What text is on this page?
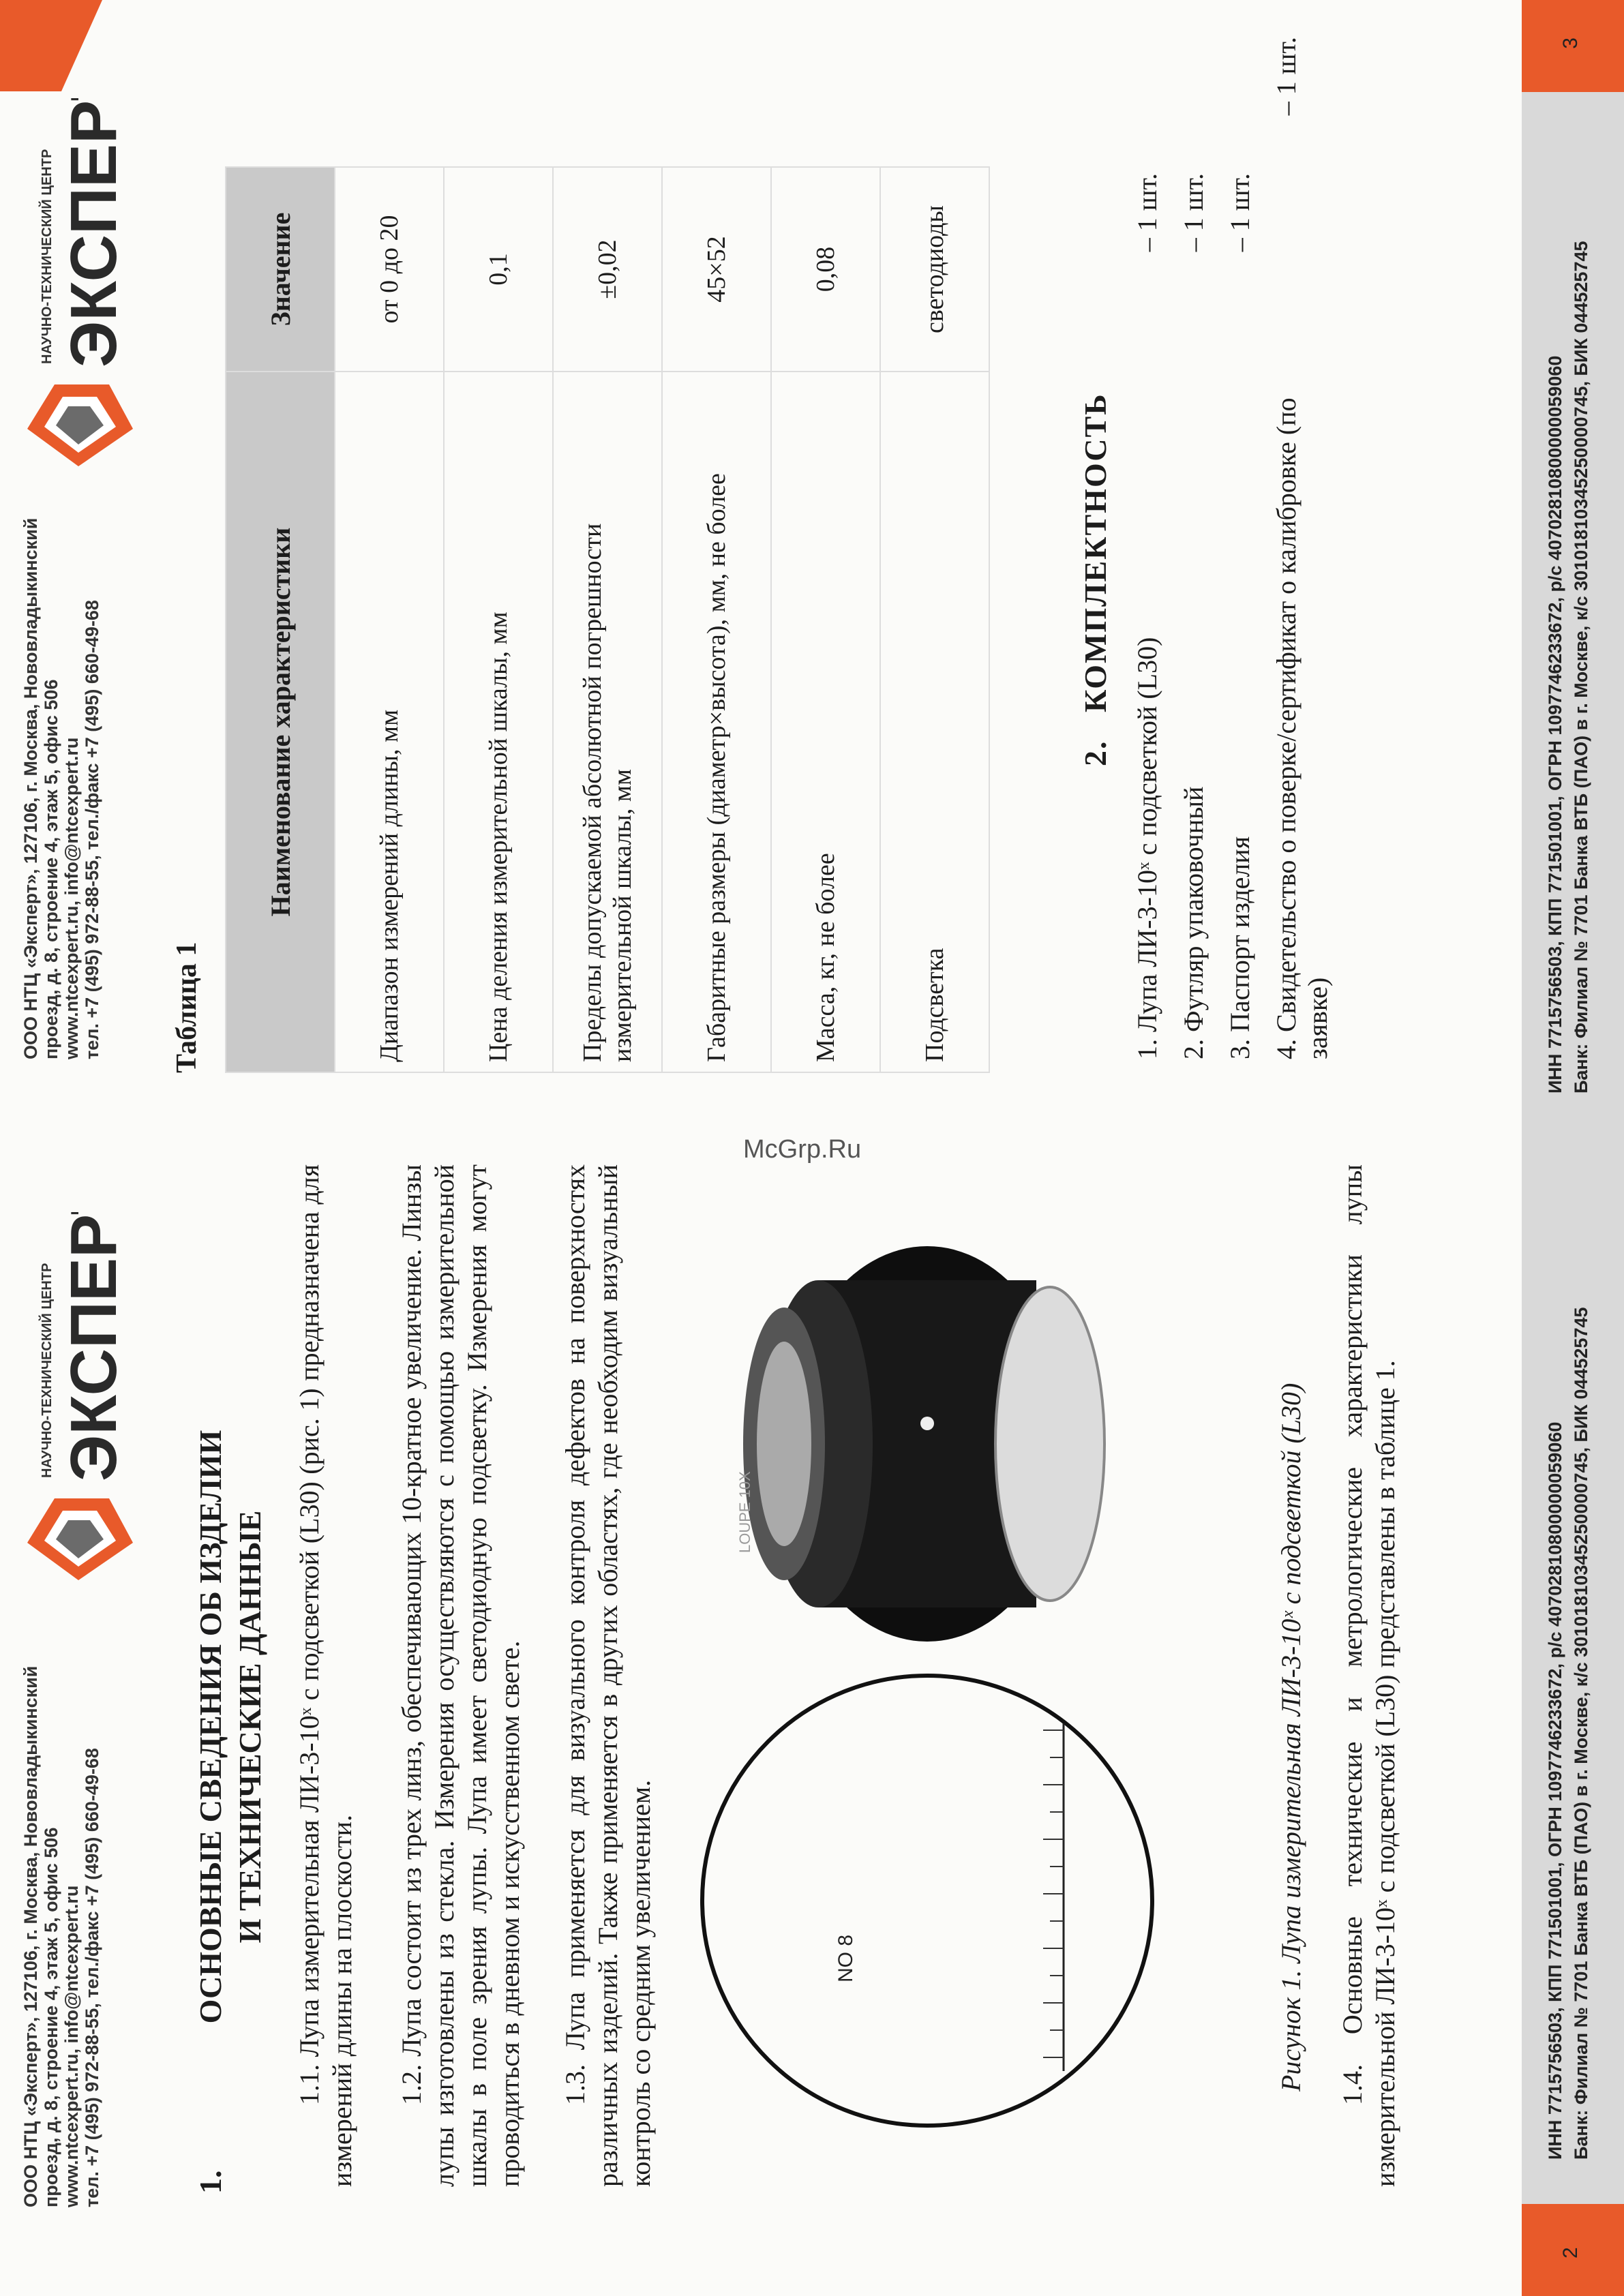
ООО НТЦ «Эксперт», 127106, г. Москва, Нововладыкинский проезд, д. 8, строение 4, этаж 5, офис 506 www.ntcexpert.ru, info@ntcexpert.ru тел. +7 (495) 972-88-55, тел./факс +7 (495) 660-49-68
НАУЧНО-ТЕХНИЧЕСКИЙ ЦЕНТР ЭКСПЕРТ
1.
ОСНОВНЫЕ СВЕДЕНИЯ ОБ ИЗДЕЛИИ И ТЕХНИЧЕСКИЕ ДАННЫЕ 1.1. Лупа измерительная ЛИ-3-10ˣ с подсветкой (L30) (рис. 1) предназначена для измерений длины на плоскости. 1.2. Лупа состоит из трех линз, обеспечивающих 10-кратное увеличение. Линзы лупы изготовлены из стекла. Измерения осуществляются с помощью измерительной шкалы в поле зрения лупы. Лупа имеет светодиодную подсветку. Измерения могут проводиться в дневном и искусственном свете. 1.3. Лупа применяется для визуального контроля дефектов на поверхностях различных изделий. Также применяется в других областях, где необходим визуальный контроль со средним увеличением.	NO 8
LOUPE 10X	Рисунок 1. Лупа измерительная ЛИ-3-10ˣ с подсветкой (L30) 1.4. Основные технические и метрологические характеристики лупы измерительной ЛИ-3-10ˣ с подсветкой (L30) представлены в таблице 1.
2
ИНН 7715756503, КПП 771501001, ОГРН 1097746233672, р/с 40702810800000059060 Банк: Филиал № 7701 Банка ВТБ (ПАО) в г. Москве, к/с 30101810345250000745, БИК 044525745
ООО НТЦ «Эксперт», 127106, г. Москва, Нововладыкинский проезд, д. 8, строение 4, этаж 5, офис 506 www.ntcexpert.ru, info@ntcexpert.ru тел. +7 (495) 972-88-55, тел./факс +7 (495) 660-49-68
НАУЧНО-ТЕХНИЧЕСКИЙ ЦЕНТР ЭКСПЕРТ
Таблица 1
Наименование характеристики	Значение
Диапазон измерений длины, мм	от 0 до 20
Цена деления измерительной шкалы, мм	0,1
Пределы допускаемой абсолютной погрешности измерительной шкалы, мм	±0,02
Габаритные размеры (диаметр×высота), мм, не более	45×52
Масса, кг, не более	0,08
Подсветка	светодиоды
2.   КОМПЛЕКТНОСТЬ
1. Лупа ЛИ-3-10ˣ с подсветкой (L30)
– 1 шт.
2. Футляр упаковочный
– 1 шт.
3. Паспорт изделия
– 1 шт.
4. Свидетельство о поверке/сертификат о калибровке (по заявке)
– 1 шт.
ИНН 7715756503, КПП 771501001, ОГРН 1097746233672, р/с 40702810800000059060 Банк: Филиал № 7701 Банка ВТБ (ПАО) в г. Москве, к/с 30101810345250000745, БИК 044525745
3
McGrp.Ru
